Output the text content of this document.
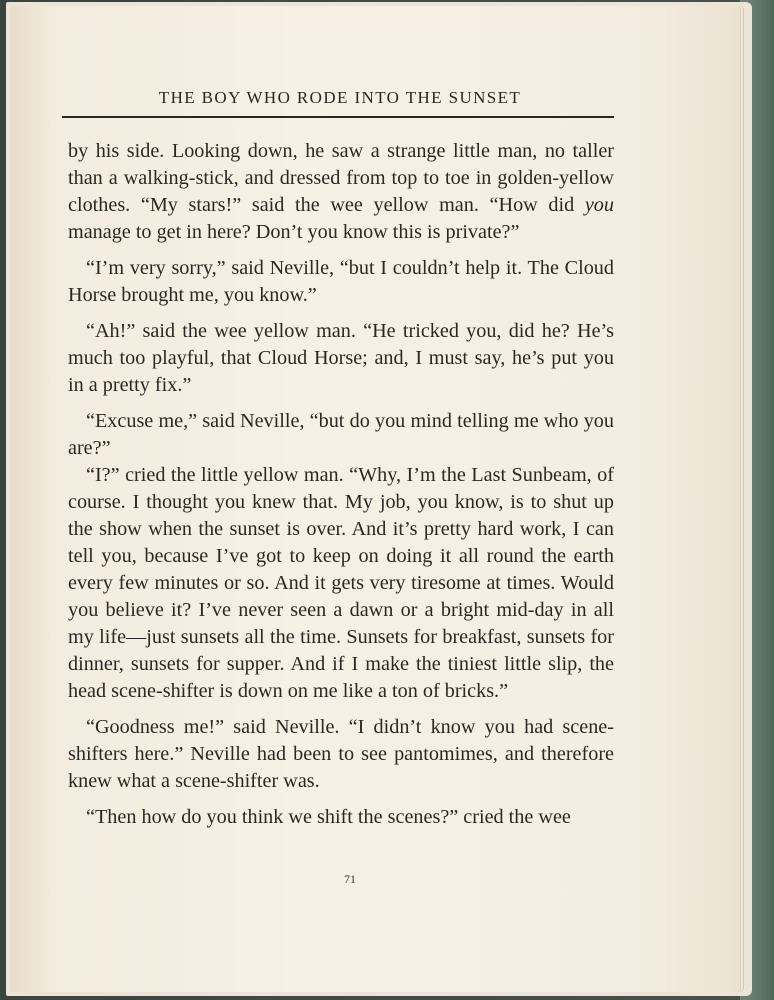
THE BOY WHO RODE INTO THE SUNSET

by his side. Looking down, he saw a strange little man, no taller than a walking-stick, and dressed from top to toe in golden-yellow clothes. “My stars!” said the wee yellow man. “How did you manage to get in here? Don’t you know this is private?”

“I’m very sorry,” said Neville, “but I couldn’t help it. The Cloud Horse brought me, you know.”

“Ah!” said the wee yellow man. “He tricked you, did he? He’s much too playful, that Cloud Horse; and, I must say, he’s put you in a pretty fix.”

“Excuse me,” said Neville, “but do you mind telling me who you are?”

“I?” cried the little yellow man. “Why, I’m the Last Sunbeam, of course. I thought you knew that. My job, you know, is to shut up the show when the sunset is over. And it’s pretty hard work, I can tell you, because I’ve got to keep on doing it all round the earth every few minutes or so. And it gets very tiresome at times. Would you believe it? I’ve never seen a dawn or a bright mid-day in all my life—just sunsets all the time. Sunsets for breakfast, sunsets for dinner, sunsets for supper. And if I make the tiniest little slip, the head scene-shifter is down on me like a ton of bricks.”

“Goodness me!” said Neville. “I didn’t know you had scene-shifters here.” Neville had been to see pantomimes, and therefore knew what a scene-shifter was.

“Then how do you think we shift the scenes?” cried the wee

71
